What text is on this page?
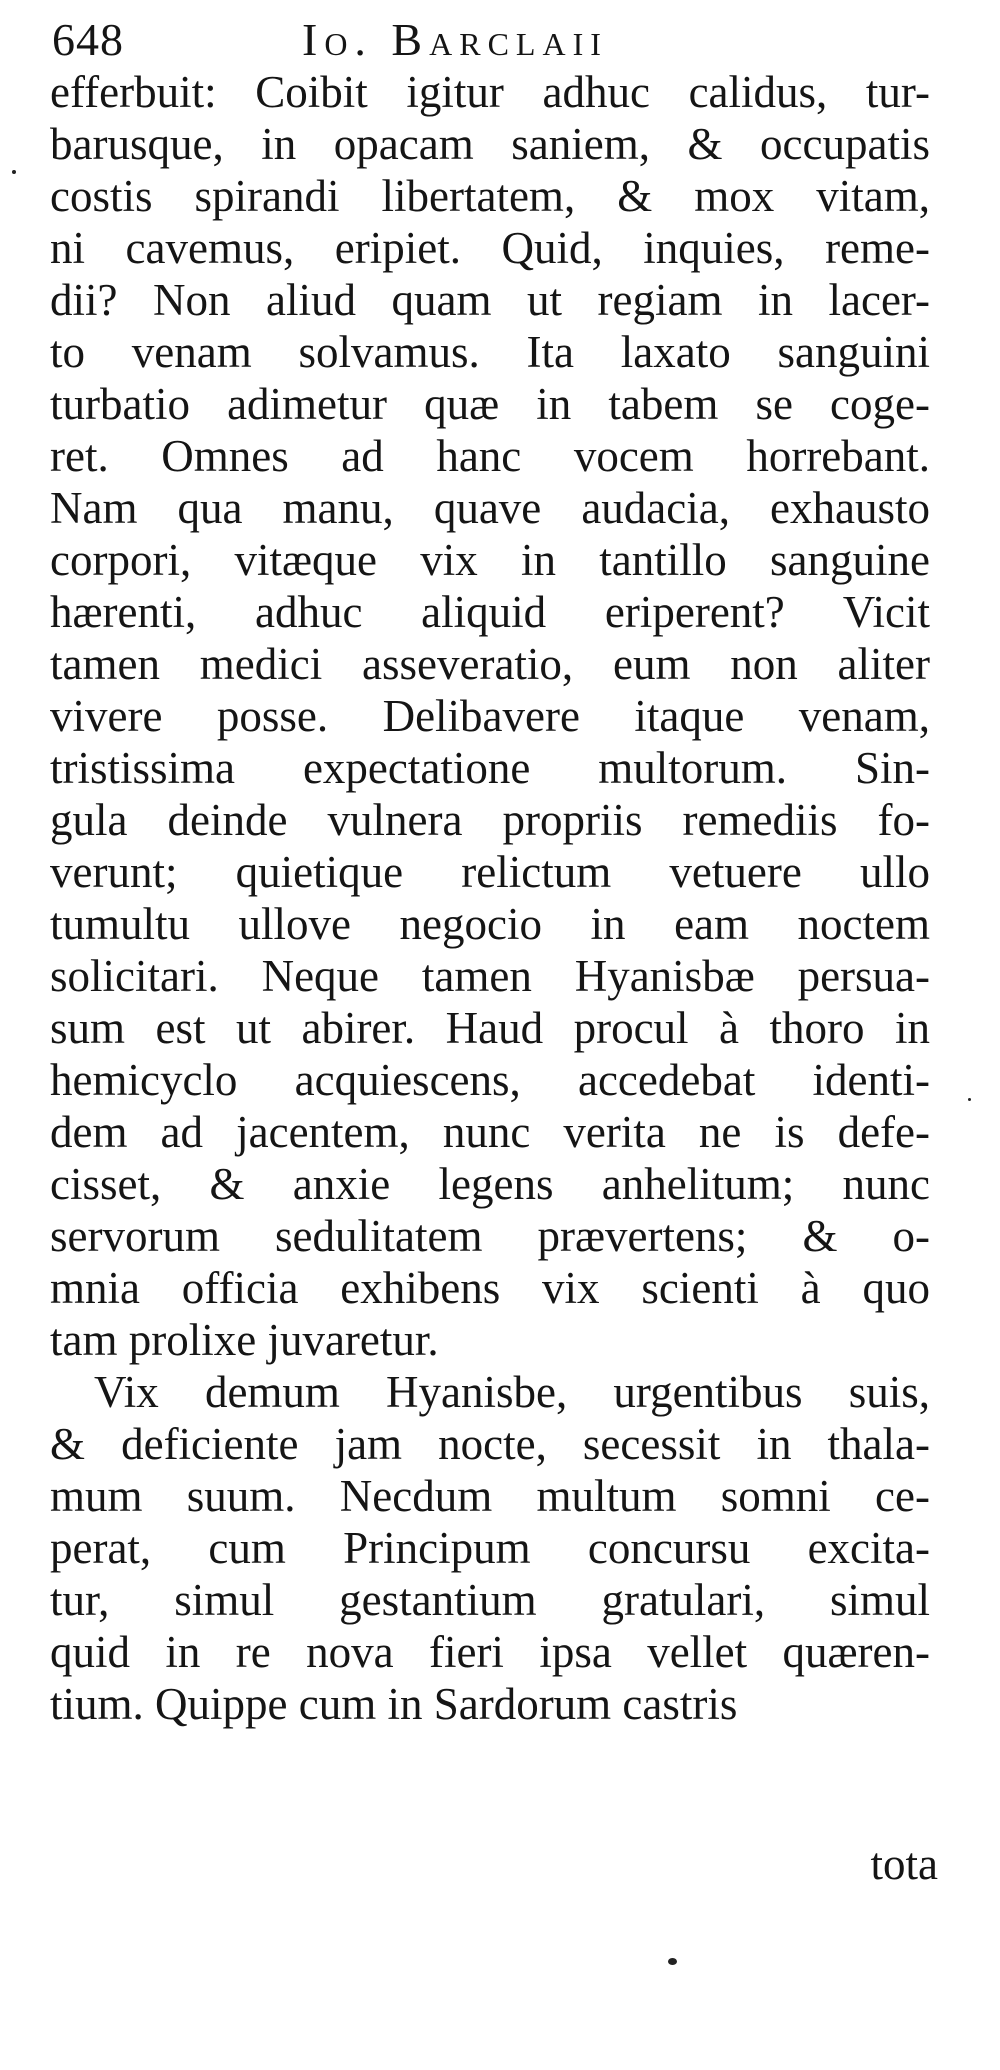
648	Io. Barclaii
efferbuit: Coibit igitur adhuc calidus, tur-
barusque, in opacam saniem, & occupatis
costis spirandi libertatem, & mox vitam,
ni cavemus, eripiet. Quid, inquies, reme-
dii? Non aliud quam ut regiam in lacer-
to venam solvamus. Ita laxato sanguini
turbatio adimetur quæ in tabem se coge-
ret. Omnes ad hanc vocem horrebant.
Nam qua manu, quave audacia, exhausto
corpori, vitæque vix in tantillo sanguine
hærenti, adhuc aliquid eriperent? Vicit
tamen medici asseveratio, eum non aliter
vivere posse. Delibavere itaque venam,
tristissima expectatione multorum. Sin-
gula deinde vulnera propriis remediis fo-
verunt; quietique relictum vetuere ullo
tumultu ullove negocio in eam noctem
solicitari. Neque tamen Hyanisbæ persua-
sum est ut abirer. Haud procul à thoro in
hemicyclo acquiescens, accedebat identi-
dem ad jacentem, nunc verita ne is defe-
cisset, & anxie legens anhelitum; nunc
servorum sedulitatem prævertens; & o-
mnia officia exhibens vix scienti à quo
tam prolixe juvaretur.
Vix demum Hyanisbe, urgentibus suis,
& deficiente jam nocte, secessit in thala-
mum suum. Necdum multum somni ce-
perat, cum Principum concursu excita-
tur, simul gestantium gratulari, simul
quid in re nova fieri ipsa vellet quæren-
tium. Quippe cum in Sardorum castris
tota
